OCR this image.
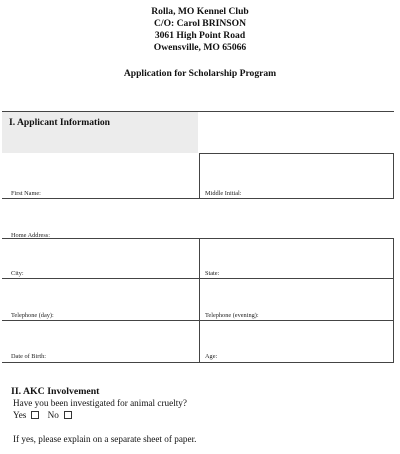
Rolla, MO Kennel Club
C/O: Carol BRINSON
3061 High Point Road
Owensville, MO 65066
Application for Scholarship Program
I. Applicant Information
First Name:	Middle Initial:
Home Address:
City:	State:
Telephone (day):	Telephone (evening):
Date of Birth:	Age:
II. AKC Involvement
Have you been investigated for animal cruelty?
Yes No
If yes, please explain on a separate sheet of paper.
